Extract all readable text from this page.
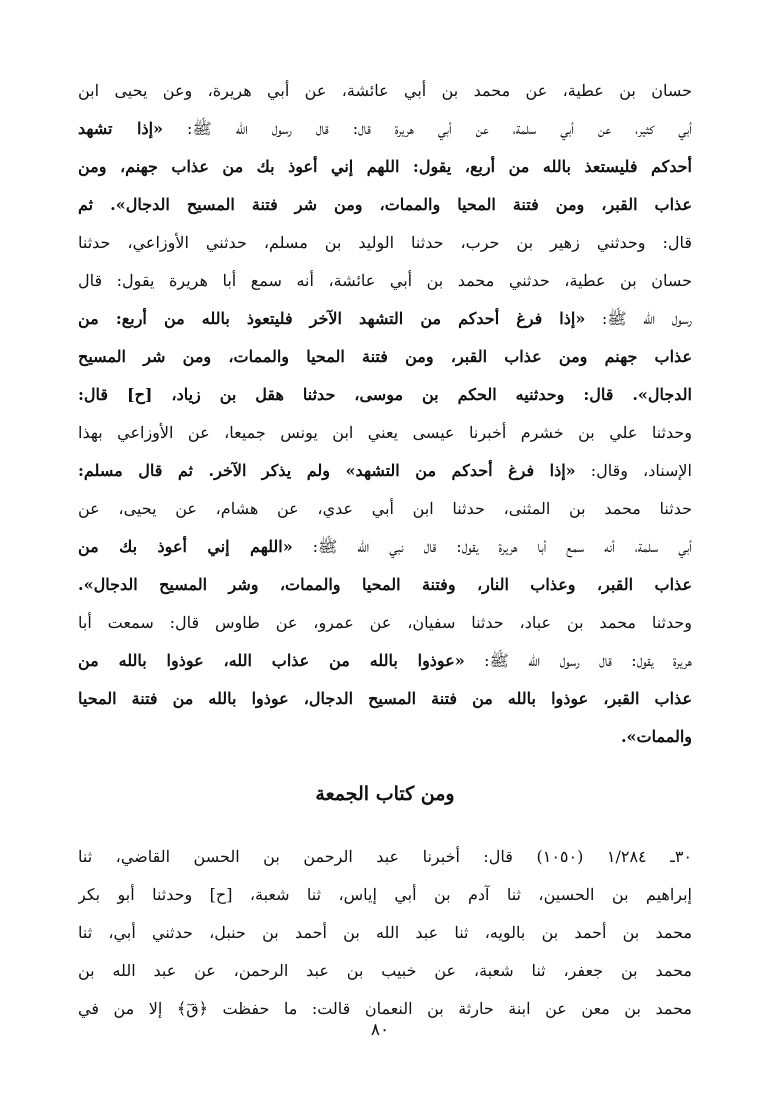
حسان بن عطية، عن محمد بن أبي عائشة، عن أبي هريرة، وعن يحيى ابن
أبي كثير، عن أبي سلمة، عن أبي هريرة قال: قال رسول الله ﷺ: «إذا تشهد
أحدكم فليستعذ بالله من أربع، يقول: اللهم إني أعوذ بك من عذاب جهنم، ومن
عذاب القبر، ومن فتنة المحيا والممات، ومن شر فتنة المسيح الدجال». ثم
قال: وحدثني زهير بن حرب، حدثنا الوليد بن مسلم، حدثني الأوزاعي، حدثنا
حسان بن عطية، حدثني محمد بن أبي عائشة، أنه سمع أبا هريرة يقول: قال
رسول الله ﷺ: «إذا فرغ أحدكم من التشهد الآخر فليتعوذ بالله من أربع: من
عذاب جهنم ومن عذاب القبر، ومن فتنة المحيا والممات، ومن شر المسيح
الدجال». قال: وحدثنيه الحكم بن موسى، حدثنا هقل بن زياد، [ح] قال:
وحدثنا علي بن خشرم أخبرنا عيسى يعني ابن يونس جميعا، عن الأوزاعي بهذا
الإسناد، وقال: «إذا فرغ أحدكم من التشهد» ولم يذكر الآخر. ثم قال مسلم:
حدثنا محمد بن المثنى، حدثنا ابن أبي عدي، عن هشام، عن يحيى، عن
أبي سلمة، أنه سمع أبا هريرة يقول: قال نبي الله ﷺ: «اللهم إني أعوذ بك من
عذاب القبر، وعذاب النار، وفتنة المحيا والممات، وشر المسيح الدجال».
وحدثنا محمد بن عباد، حدثنا سفيان، عن عمرو، عن طاوس قال: سمعت أبا
هريرة يقول: قال رسول الله ﷺ: «عوذوا بالله من عذاب الله، عوذوا بالله من
عذاب القبر، عوذوا بالله من فتنة المسيح الدجال، عوذوا بالله من فتنة المحيا
والممات».
ومن كتاب الجمعة
٣٠ـ ١/٢٨٤ (١٠٥٠) قال: أخبرنا عبد الرحمن بن الحسن القاضي، ثنا
إبراهيم بن الحسين، ثنا آدم بن أبي إياس، ثنا شعبة، [ح] وحدثنا أبو بكر
محمد بن أحمد بن بالويه، ثنا عبد الله بن أحمد بن حنبل، حدثني أبي، ثنا
محمد بن جعفر، ثنا شعبة، عن خبيب بن عبد الرحمن، عن عبد الله بن
محمد بن معن عن ابنة حارثة بن النعمان قالت: ما حفظت ﴿قٓ﴾ إلا من في
٨٠
